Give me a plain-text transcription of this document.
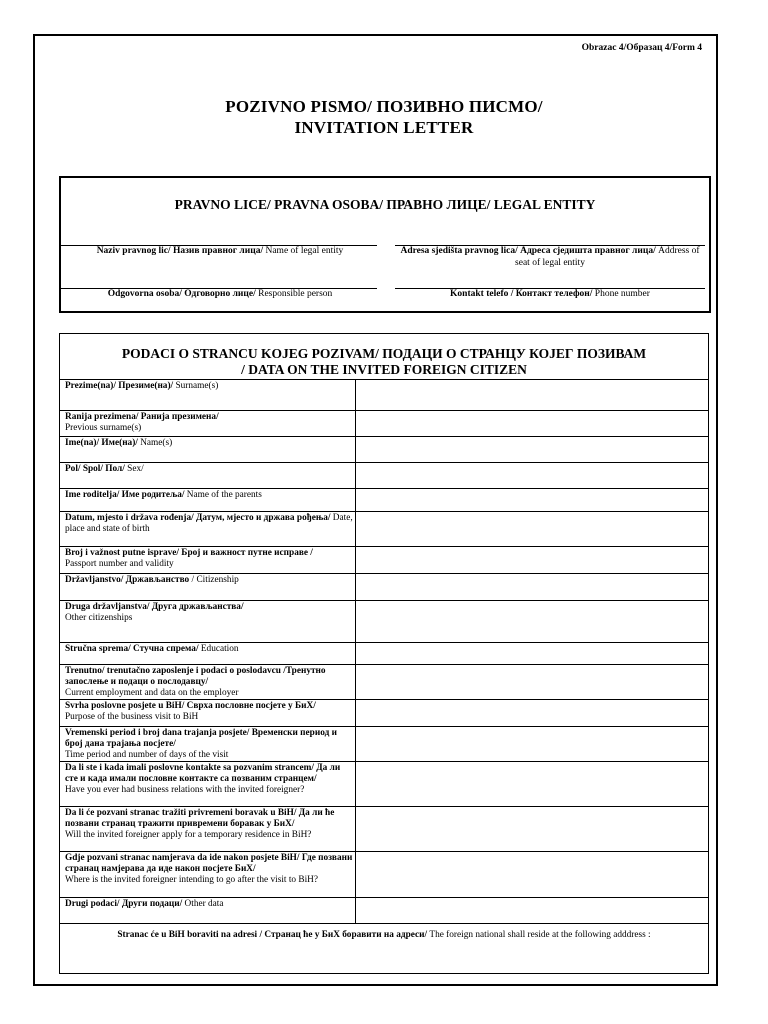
Obrazac 4/Образац 4/Form 4
POZIVNO PISMO/ ПОЗИВНО ПИСМО/
INVITATION LETTER
PRAVNO LICE/ PRAVNA OSOBA/ ПРАВНО ЛИЦЕ/ LEGAL ENTITY
Naziv pravnog lic/ Назив правног лица/ Name of legal entity	Adresa sjedišta pravnog lica/ Адреса сједишта правног лица/ Address of seat of legal entity
Odgovorna osoba/ Одговорно лице/ Responsible person	Kontakt telefo / Контакт телефон/ Phone number
PODACI O STRANCU KOJEG POZIVAM/ ПОДАЦИ О СТРАНЦУ КОЈЕГ ПОЗИВАМ
/ DATA ON THE INVITED FOREIGN CITIZEN
Prezime(na)/ Презиме(на)/ Surname(s)
Ranija prezimena/ Ранија презимена/
Previous surname(s)
Ime(na)/ Име(на)/ Name(s)
Pol/ Spol/ Пол/ Sex/
Ime roditelja/ Име родитеља/ Name of the parents
Datum, mjesto i država rođenja/ Датум, мјесто и држава рођења/ Date, place and state of birth
Broj i važnost putne isprave/ Број и важност путне исправе /
Passport number and validity
Državljanstvo/ Држављанство / Citizenship
Druga državljanstva/ Друга држављанства/
Other citizenships
Stručna sprema/ Стучна спрема/ Education
Trenutno/ trenutačno zaposlenje i podaci o poslodavcu /Тренутно запослење и подаци о послодавцу/
Current employment and data on the employer
Svrha poslovne posjete u BiH/ Сврха пословне посјете у БиХ/
Purpose of the business visit to BiH
Vremenski period i broj dana trajanja posjete/ Временски период и број дана трајања посјете/
Time period and number of days of the visit
Da li ste i kada imali poslovne kontakte sa pozvanim strancem/ Да ли сте и када имали пословне контакте са позваним странцем/
Have you ever had business relations with the invited foreigner?
Da li će pozvani stranac tražiti privremeni boravak u BiH/ Да ли ће позвани странац тражити привремени боравак у БиХ/
Will the invited foreigner apply for a temporary residence in BiH?
Gdje pozvani stranac namjerava da ide nakon posjete BiH/ Где позвани странац намјерава да иде након посјете БиХ/
Where is the invited foreigner intending to go after the visit to BiH?
Drugi podaci/ Други подаци/ Other data
Stranac će u BiH boraviti na adresi / Странац ће у БиХ боравити на адреси/ The foreign national shall reside at the following adddress :
